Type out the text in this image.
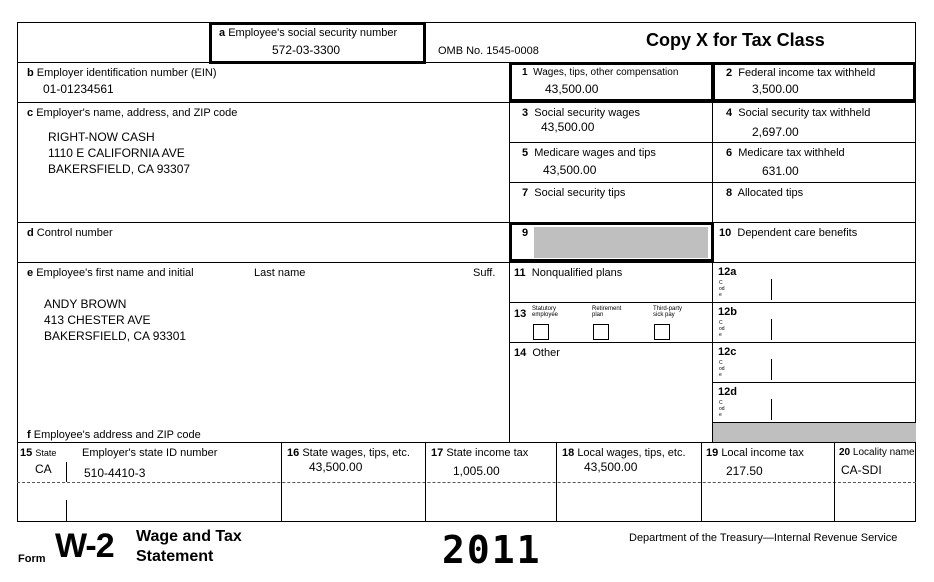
a Employee's social security number
572-03-3300	OMB No. 1545-0008
Copy X for Tax Class
b Employer identification number (EIN)
01-01234561
c Employer's name, address, and ZIP code
RIGHT-NOW CASH
1110 E CALIFORNIA AVE
BAKERSFIELD, CA 93307
d Control number
e Employee's first name and initial	Last name	Suff.
ANDY BROWN
413 CHESTER AVE
BAKERSFIELD, CA 93301
f Employee's address and ZIP code
1 Wages, tips, other compensation
43,500.00
2 Federal income tax withheld
3,500.00
3 Social security wages
43,500.00
4 Social security tax withheld
2,697.00
5 Medicare wages and tips
43,500.00
6 Medicare tax withheld
631.00
7 Social security tips	8 Allocated tips
9	10 Dependent care benefits
11 Nonqualified plans
13 Statutory employee
Retirement plan
Third-party sick pay
14 Other
12a
Code
12b
Code
12c
Code
12d
Code
15 State Employer's state ID number
CA	510-4410-3
16 State wages, tips, etc.
43,500.00
17 State income tax
1,005.00
18 Local wages, tips, etc.
43,500.00
19 Local income tax
217.50
20 Locality name
CA-SDI
Form W-2 Wage and Tax
Statement	2011	Department of the Treasury—Internal Revenue Service
